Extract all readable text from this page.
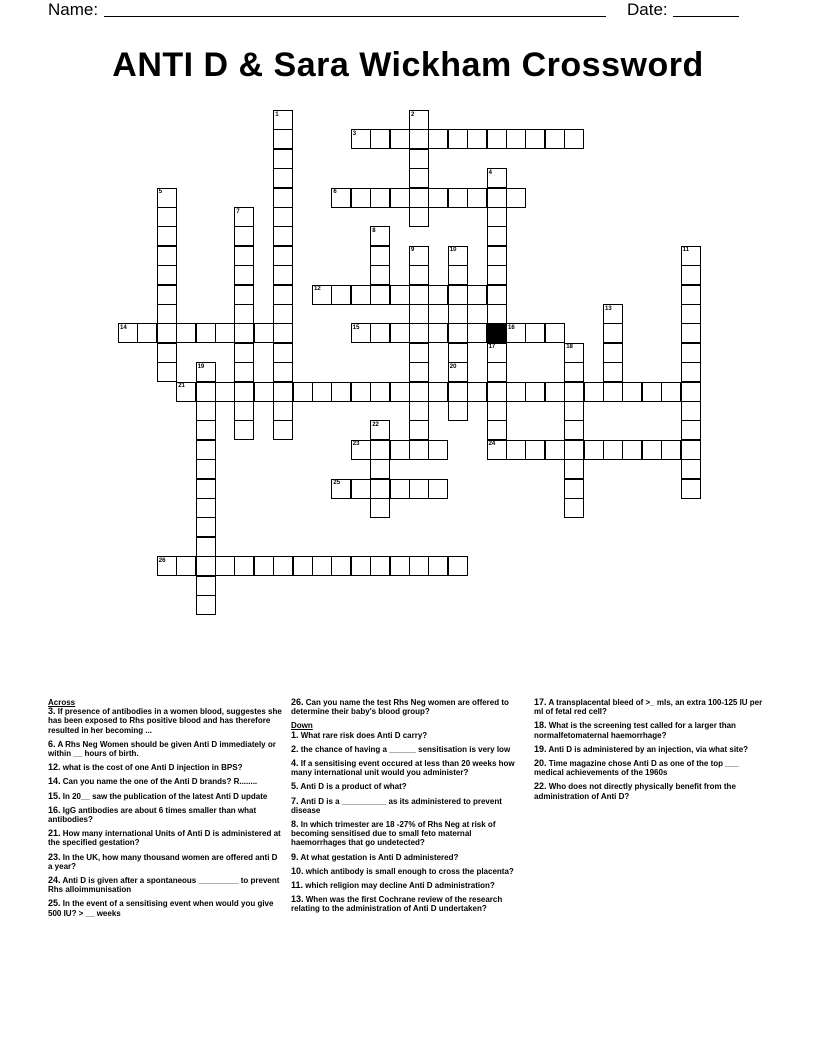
Name:	Date:
ANTI D & Sara Wickham Crossword
1	2
3
4
5	6
7
8
9	10	11
12
13
14	15	16
17	18
19	20
21
22
23	24
25
26
Across
3. If presence of antibodies in a women blood, suggestes she has been exposed to Rhs positive blood and has therefore resulted in her becoming ...
6. A Rhs Neg Women should be given Anti D immediately or within __ hours of birth.
12. what is the cost of one Anti D injection in BPS?
14. Can you name the one of the Anti D brands? R........
15. In 20__ saw the publication of the latest Anti D update
16. IgG antibodies are about 6 times smaller than what antibodies?
21. How many international Units of Anti D is administered at the specified gestation?
23. In the UK, how many thousand women are offered anti D a year?
24. Anti D is given after a spontaneous _________ to prevent Rhs alloimmunisation
25. In the event of a sensitising event when would you give 500 IU? > __ weeks
26. Can you name the test Rhs Neg women are offered to determine their baby's blood group?
Down
1. What rare risk does Anti D carry?
2. the chance of having a ______ sensitisation is very low
4. If a sensitising event occured at less than 20 weeks how many international unit would you administer?
5. Anti D is a product of what?
7. Anti D is a __________ as its administered to prevent disease
8. In which trimester are 18 -27% of Rhs Neg at risk of becoming sensitised due to small feto maternal haemorrhages that go undetected?
9. At what gestation is Anti D administered?
10. which antibody is small enough to cross the placenta?
11. which religion may decline Anti D administration?
13. When was the first Cochrane review of the research relating to the administration of Anti D undertaken?
17. A transplacental bleed of >_ mls, an extra 100-125 IU per ml of fetal red cell?
18. What is the screening test called for a larger than normalfetomaternal haemorrhage?
19. Anti D is administered by an injection, via what site?
20. Time magazine chose Anti D as one of the top ___ medical achievements of the 1960s
22. Who does not directly physically benefit from the administration of Anti D?
